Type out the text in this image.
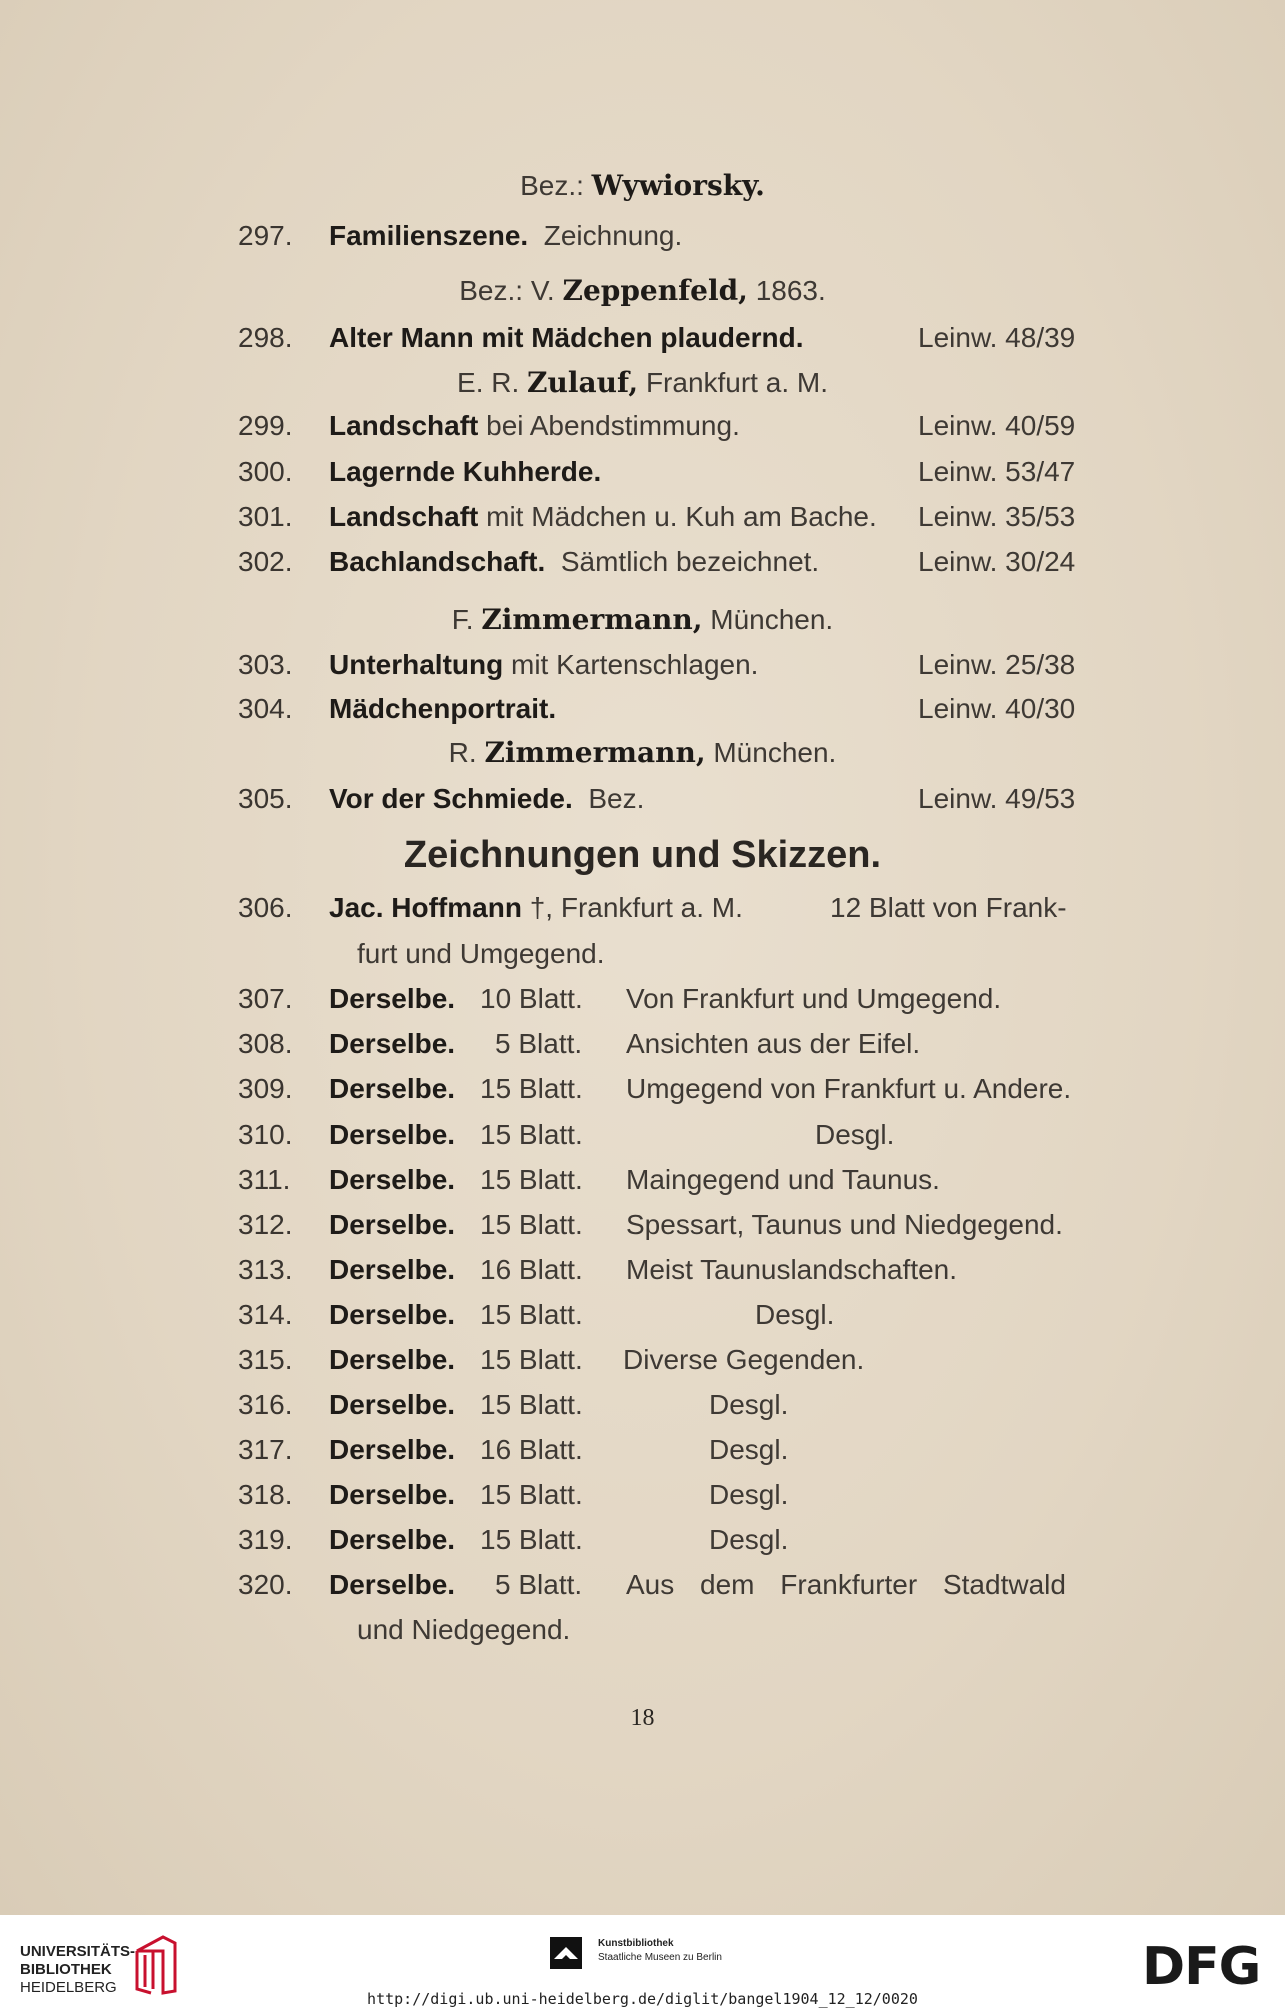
Bez.: Wywiorsky.
297. Familienszene. Zeichnung.
Bez.: V. Zeppenfeld, 1863.
298. Alter Mann mit Mädchen plaudernd.	Leinw. 48/39
E. R. Zulauf, Frankfurt a. M.
299. Landschaft bei Abendstimmung.	Leinw. 40/59
300. Lagernde Kuhherde.	Leinw. 53/47
301. Landschaft mit Mädchen u. Kuh am Bache. Leinw. 35/53
302. Bachlandschaft. Sämtlich bezeichnet.	Leinw. 30/24
F. Zimmermann, München.
303. Unterhaltung mit Kartenschlagen.	Leinw. 25/38
304. Mädchenportrait.	Leinw. 40/30
R. Zimmermann, München.
305. Vor der Schmiede. Bez.	Leinw. 49/53
Zeichnungen und Skizzen.
306. Jac. Hoffmann †, Frankfurt a. M.	12 Blatt von Frank-
furt und Umgegend.
307. Derselbe. 10 Blatt. Von Frankfurt und Umgegend.
308. Derselbe. 5 Blatt. Ansichten aus der Eifel.
309. Derselbe. 15 Blatt. Umgegend von Frankfurt u. Andere.
310. Derselbe. 15 Blatt.	Desgl.
311. Derselbe. 15 Blatt. Maingegend und Taunus.
312. Derselbe. 15 Blatt. Spessart, Taunus und Niedgegend.
313. Derselbe. 16 Blatt. Meist Taunuslandschaften.
314. Derselbe. 15 Blatt.	Desgl.
315. Derselbe. 15 Blatt. Diverse Gegenden.
316. Derselbe. 15 Blatt.	Desgl.
317. Derselbe. 16 Blatt.	Desgl.
318. Derselbe. 15 Blatt.	Desgl.
319. Derselbe. 15 Blatt.	Desgl.
320. Derselbe. 5 Blatt. Aus dem Frankfurter Stadtwald
und Niedgegend.
18
UNIVERSITÄTS-
BIBLIOTHEK
HEIDELBERG
Kunstbibliothek
Staatliche Museen zu Berlin	DFG
http://digi.ub.uni-heidelberg.de/diglit/bangel1904_12_12/0020
